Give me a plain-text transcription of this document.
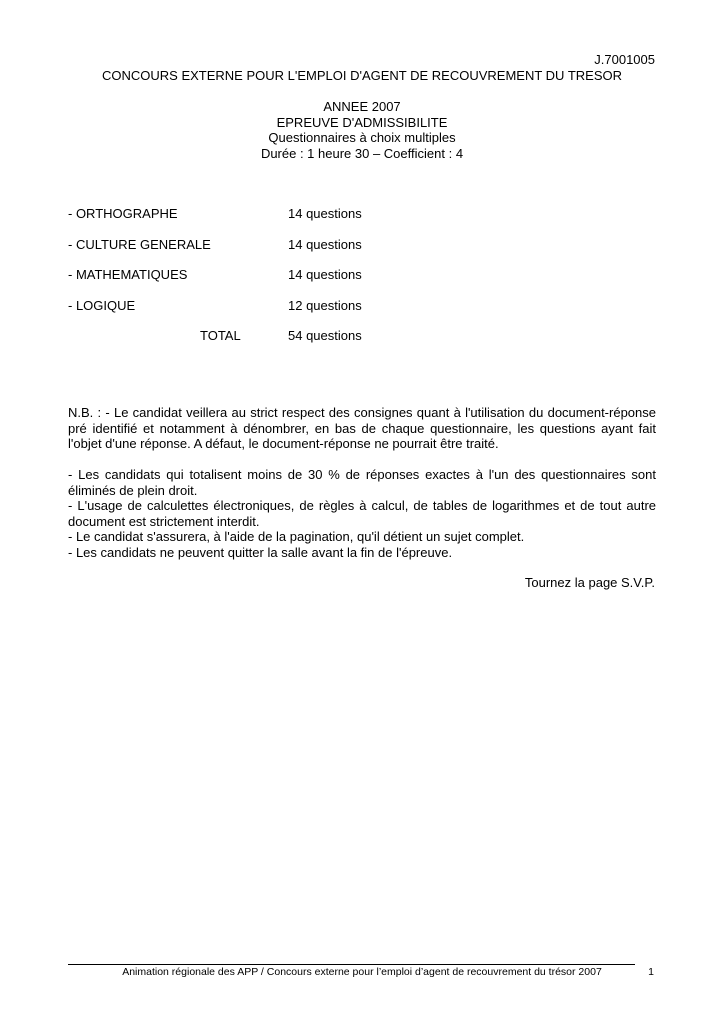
J.7001005
CONCOURS EXTERNE POUR L'EMPLOI D'AGENT DE RECOUVREMENT DU TRESOR
ANNEE 2007
EPREUVE D'ADMISSIBILITE
Questionnaires à choix multiples
Durée : 1 heure 30 – Coefficient : 4
- ORTHOGRAPHE	14 questions
- CULTURE GENERALE	14 questions
- MATHEMATIQUES	14 questions
- LOGIQUE	12 questions
TOTAL	54 questions

N.B. : - Le candidat veillera au strict respect des consignes quant à l'utilisation du document-réponse pré identifié et notamment à dénombrer, en bas de chaque questionnaire, les questions ayant fait l'objet d'une réponse. A défaut, le document-réponse ne pourrait être traité.

- Les candidats qui totalisent moins de 30 % de réponses exactes à l'un des questionnaires sont éliminés de plein droit.

- L'usage de calculettes électroniques, de règles à calcul, de tables de logarithmes et de tout autre document est strictement interdit.

- Le candidat s'assurera, à l'aide de la pagination, qu'il détient un sujet complet.

- Les candidats ne peuvent quitter la salle avant la fin de l'épreuve.

Tournez la page S.V.P.
Animation régionale des APP / Concours externe pour l’emploi d’agent de recouvrement du trésor 2007	1
